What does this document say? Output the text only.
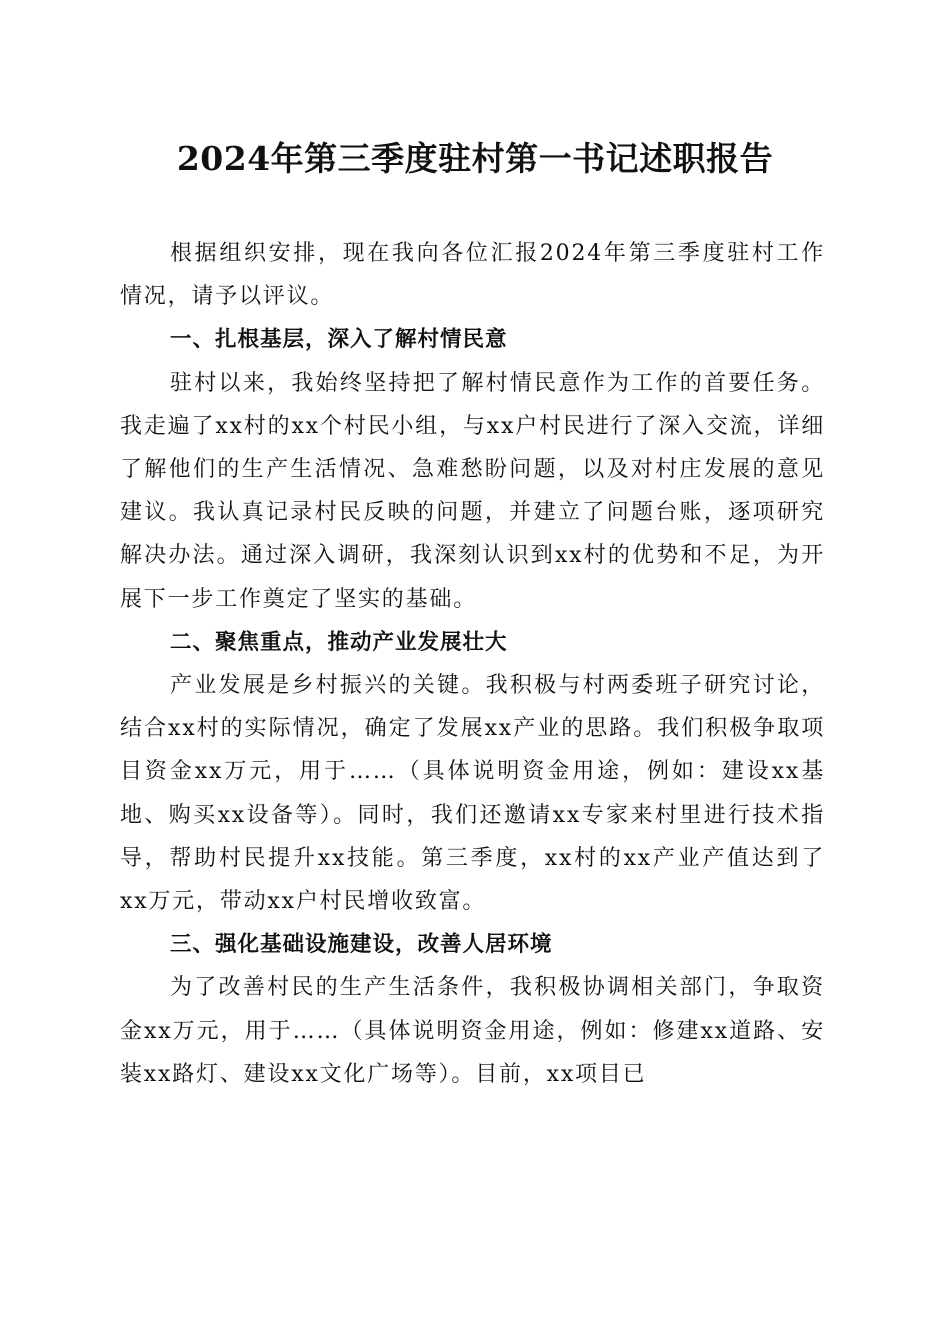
2024年第三季度驻村第一书记述职报告

根据组织安排，现在我向各位汇报2024年第三季度驻村工作情况，请予以评议。

一、扎根基层，深入了解村情民意

驻村以来，我始终坚持把了解村情民意作为工作的首要任务。我走遍了xx村的xx个村民小组，与xx户村民进行了深入交流，详细了解他们的生产生活情况、急难愁盼问题，以及对村庄发展的意见建议。我认真记录村民反映的问题，并建立了问题台账，逐项研究解决办法。通过深入调研，我深刻认识到xx村的优势和不足，为开展下一步工作奠定了坚实的基础。

二、聚焦重点，推动产业发展壮大

产业发展是乡村振兴的关键。我积极与村两委班子研究讨论，结合xx村的实际情况，确定了发展xx产业的思路。我们积极争取项目资金xx万元，用于……（具体说明资金用途，例如：建设xx基地、购买xx设备等）。同时，我们还邀请xx专家来村里进行技术指导，帮助村民提升xx技能。第三季度，xx村的xx产业产值达到了xx万元，带动xx户村民增收致富。

三、强化基础设施建设，改善人居环境

为了改善村民的生产生活条件，我积极协调相关部门，争取资金xx万元，用于……（具体说明资金用途，例如：修建xx道路、安装xx路灯、建设xx文化广场等）。目前，xx项目已
